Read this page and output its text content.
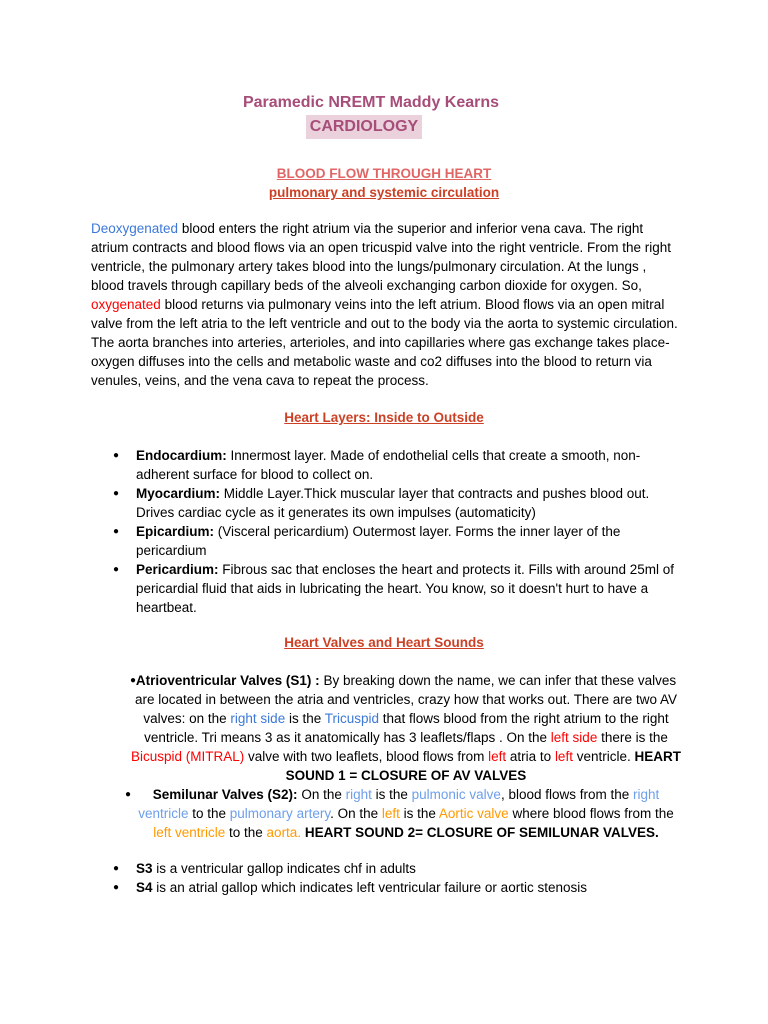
Paramedic NREMT Maddy Kearns
CARDIOLOGY
BLOOD FLOW THROUGH HEART
pulmonary and systemic circulation

Deoxygenated blood enters the right atrium via the superior and inferior vena cava. The right atrium contracts and blood flows via an open tricuspid valve into the right ventricle. From the right ventricle, the pulmonary artery takes blood into the lungs/pulmonary circulation. At the lungs , blood travels through capillary beds of the alveoli exchanging carbon dioxide for oxygen. So, oxygenated blood returns via pulmonary veins into the left atrium. Blood flows via an open mitral valve from the left atria to the left ventricle and out to the body via the aorta to systemic circulation. The aorta branches into arteries, arterioles, and into capillaries where gas exchange takes place- oxygen diffuses into the cells and metabolic waste and co2 diffuses into the blood to return via venules, veins, and the vena cava to repeat the process.

Heart Layers: Inside to Outside
● Endocardium: Innermost layer. Made of endothelial cells that create a smooth, non-adherent surface for blood to collect on.
● Myocardium: Middle Layer.Thick muscular layer that contracts and pushes blood out. Drives cardiac cycle as it generates its own impulses (automaticity)
● Epicardium: (Visceral pericardium) Outermost layer. Forms the inner layer of the pericardium
● Pericardium: Fibrous sac that encloses the heart and protects it. Fills with around 25ml of pericardial fluid that aids in lubricating the heart. You know, so it doesn't hurt to have a heartbeat.
Heart Valves and Heart Sounds
● Atrioventricular Valves (S1) : By breaking down the name, we can infer that these valves are located in between the atria and ventricles, crazy how that works out. There are two AV valves: on the right side is the Tricuspid that flows blood from the right atrium to the right ventricle. Tri means 3 as it anatomically has 3 leaflets/flaps . On the left side there is the Bicuspid (MITRAL) valve with two leaflets, blood flows from left atria to left ventricle. HEART SOUND 1 = CLOSURE OF AV VALVES
● Semilunar Valves (S2): On the right is the pulmonic valve, blood flows from the right ventricle to the pulmonary artery. On the left is the Aortic valve where blood flows from the left ventricle to the aorta. HEART SOUND 2= CLOSURE OF SEMILUNAR VALVES.
● S3 is a ventricular gallop indicates chf in adults
● S4 is an atrial gallop which indicates left ventricular failure or aortic stenosis
